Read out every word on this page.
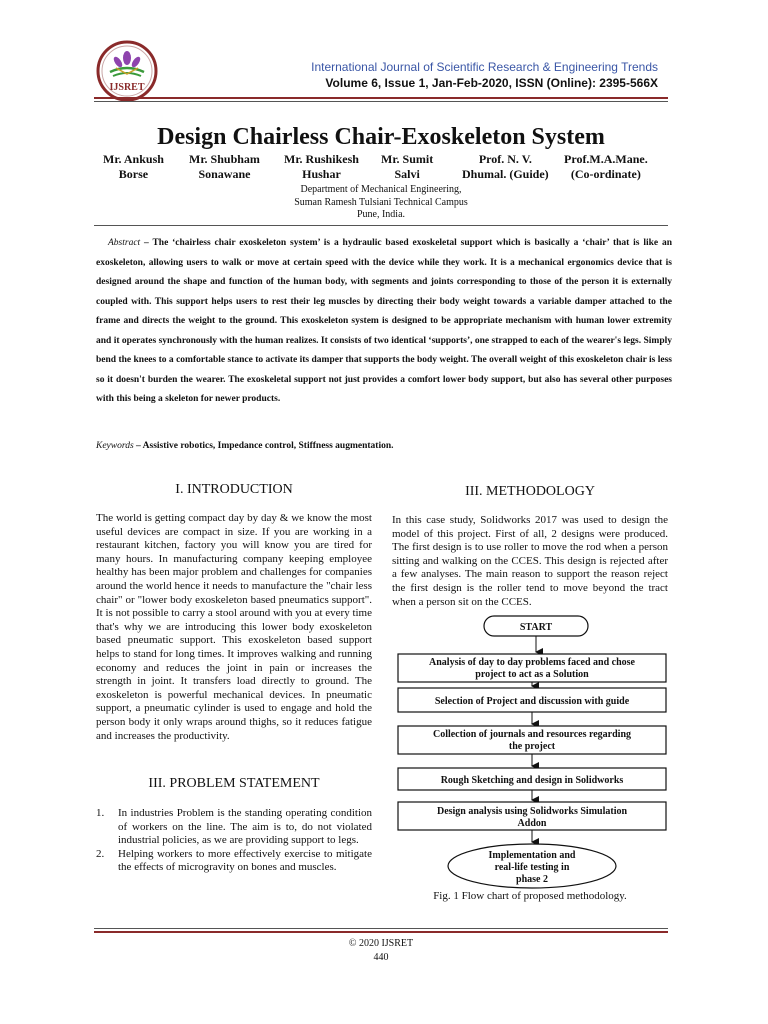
IJSRET
International Journal of Scientific Research & Engineering Trends
Volume 6, Issue 1, Jan-Feb-2020, ISSN (Online): 2395-566X
Design Chairless Chair-Exoskeleton System
Mr. Ankush
Borse
Mr. Shubham
Sonawane
Mr. Rushikesh
Hushar
Mr. Sumit
Salvi
Prof. N. V.
Dhumal. (Guide)
Prof.M.A.Mane.
(Co-ordinate)
Department of Mechanical Engineering,
Suman Ramesh Tulsiani Technical Campus
Pune, India.
Abstract – The ‘chairless chair exoskeleton system’ is a hydraulic based exoskeletal support which is basically a ‘chair’ that is like an exoskeleton, allowing users to walk or move at certain speed with the device while they work. It is a mechanical ergonomics device that is designed around the shape and function of the human body, with segments and joints corresponding to those of the person it is externally coupled with. This support helps users to rest their leg muscles by directing their body weight towards a variable damper attached to the frame and directs the weight to the ground. This exoskeleton system is designed to be appropriate mechanism with human lower extremity and it operates synchronously with the human realizes. It consists of two identical ‘supports’, one strapped to each of the wearer's legs. Simply bend the knees to a comfortable stance to activate its damper that supports the body weight. The overall weight of this exoskeleton chair is less so it doesn't burden the wearer. The exoskeletal support not just provides a comfort lower body support, but also has several other purposes with this being a skeleton for newer products.
Keywords – Assistive robotics, Impedance control, Stiffness augmentation.
I. INTRODUCTION
The world is getting compact day by day & we know the most useful devices are compact in size. If you are working in a restaurant kitchen, factory you will know you are tired for many hours. In manufacturing company keeping employee healthy has been major problem and challenges for companies around the world hence it needs to manufacture the "chair less chair" or "lower body exoskeleton based pneumatics support". It is not possible to carry a stool around with you at every time that's why we are introducing this lower body exoskeleton based pneumatic support. This exoskeleton based support helps to stand for long times. It improves walking and running economy and reduces the joint in pain or increases the strength in joint. It transfers load directly to ground. The exoskeleton is powerful mechanical devices. In pneumatic support, a pneumatic cylinder is used to engage and hold the person body it only wraps around thighs, so it reduces fatigue and increases the productivity.
III. PROBLEM STATEMENT
1. In industries Problem is the standing operating condition of workers on the line. The aim is to, do not violated industrial policies, as we are providing support to legs.
2. Helping workers to more effectively exercise to mitigate the effects of microgravity on bones and muscles.
III. METHODOLOGY
In this case study, Solidworks 2017 was used to design the model of this project. First of all, 2 designs were produced. The first design is to use roller to move the rod when a person sitting and walking on the CCES. This design is rejected after a few analyses. The main reason to support the reason reject the first design is the roller tend to move beyond the tract when a person sit on the CCES.
START
Analysis of day to day problems faced and chose
project to act as a Solution
Selection of Project and discussion with guide
Collection of journals and resources regarding
the project
Rough Sketching and design in Solidworks
Design analysis using Solidworks Simulation
Addon
Implementation and
real-life testing in
phase 2
Fig. 1 Flow chart of proposed methodology.
© 2020 IJSRET
440
